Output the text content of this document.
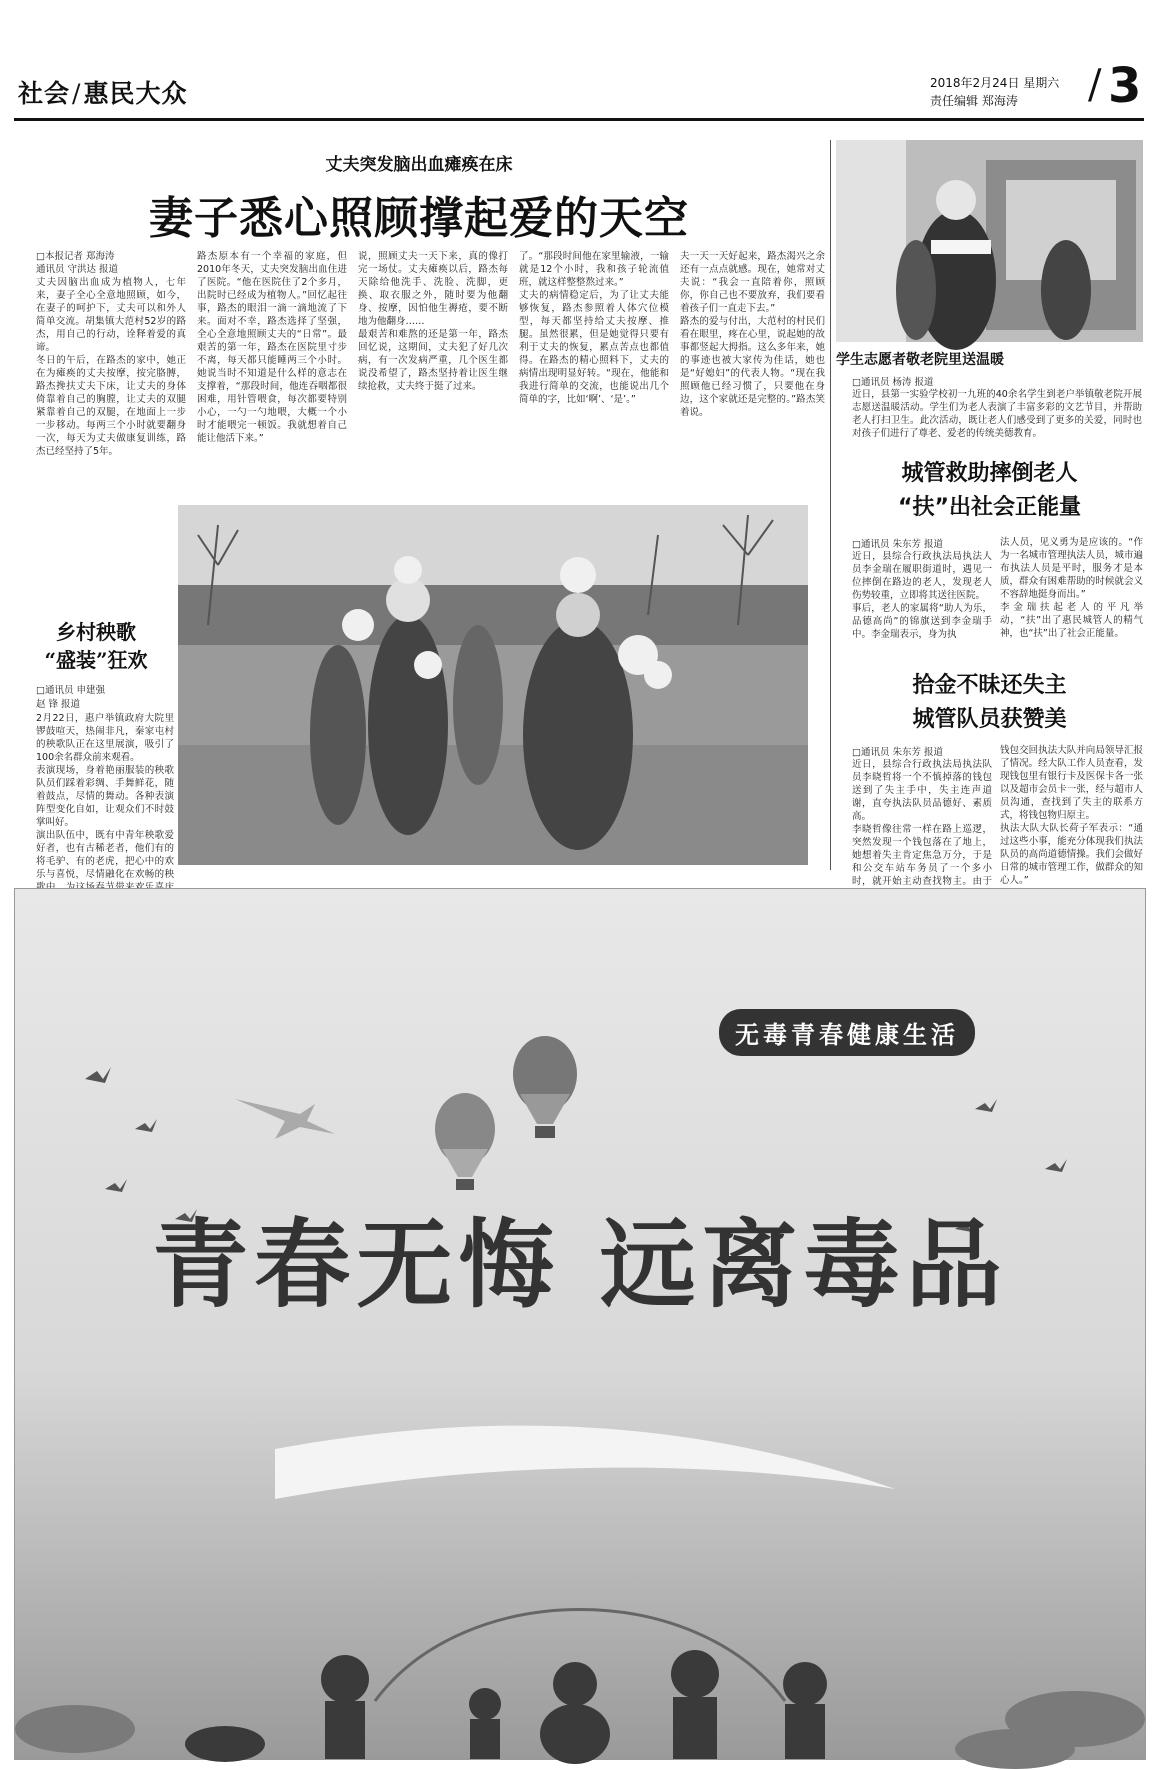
社会/惠民大众	2018年2月24日 星期六
责任编辑 郑海涛 / 3
丈夫突发脑出血瘫痪在床
妻子悉心照顾撑起爱的天空
□本报记者 郑海涛
通讯员 守洪达 报道
丈夫因脑出血成为植物人，七年来，妻子全心全意地照顾，如今，在妻子的呵护下，丈夫可以和外人简单交流。胡集镇大范村52岁的路杰，用自己的行动，诠释着爱的真谛。
冬日的午后，在路杰的家中，她正在为瘫痪的丈夫按摩，按完胳膊，路杰搀扶丈夫下床，让丈夫的身体倚靠着自己的胸膛，让丈夫的双腿紧靠着自己的双腿，在地面上一步一步移动。每两三个小时就要翻身一次，每天为丈夫做康复训练，路杰已经坚持了5年。
路杰原本有一个幸福的家庭，但2010年冬天，丈夫突发脑出血住进了医院。“他在医院住了2个多月，出院时已经成为植物人。”回忆起往事，路杰的眼泪一滴一滴地流了下来。面对不幸，路杰选择了坚强，全心全意地照顾丈夫的“日常”。最艰苦的第一年，路杰在医院里寸步不离，每天都只能睡两三个小时。她说当时不知道是什么样的意志在支撑着，“那段时间，他连吞咽都很困难，用针管喂食，每次都要特别小心，一勺一勺地喂，大概一个小时才能喂完一顿饭。我就想着自己能让他活下来。”
说，照顾丈夫一天下来，真的像打完一场仗。丈夫瘫痪以后，路杰每天除给他洗手、洗脸、洗脚，更换、取衣服之外，随时要为他翻身、按摩，因怕他生褥疮，要不断地为他翻身……
最艰苦和难熬的还是第一年，路杰回忆说，这期间，丈夫犯了好几次病，有一次发病严重，几个医生都说没希望了，路杰坚持着让医生继续抢救，丈夫终于挺了过来。
了。“那段时间他在家里输液，一输就是12个小时，我和孩子轮流值班，就这样整整熬过来。”
丈夫的病情稳定后，为了让丈夫能够恢复，路杰参照着人体穴位模型，每天都坚持给丈夫按摩、推腿。虽然很累，但是她觉得只要有利于丈夫的恢复，累点苦点也都值得。在路杰的精心照料下，丈夫的病情出现明显好转。“现在，他能和我进行简单的交流，也能说出几个简单的字，比如‘啊’、‘是’。”
夫一天一天好起来，路杰渴兴之余还有一点点就感。现在，她常对丈夫说：“我会一直陪着你，照顾你，你自己也不要放弃，我们要看着孩子们一直走下去。”
路杰的爱与付出，大范村的村民们看在眼里，疼在心里，说起她的故事都竖起大拇指。这么多年来，她的事迹也被大家传为佳话，她也是“好媳妇”的代表人物。“现在我照顾他已经习惯了，只要他在身边，这个家就还是完整的。”路杰笑着说。
乡村秧歌
“盛装”狂欢
□通讯员 申建强
赵 锋 报道
2月22日，惠户举镇政府大院里锣鼓喧天，热闹非凡，秦家屯村的秧歌队正在这里展演，吸引了100余名群众前来观看。
表演现场，身着艳丽服装的秧歌队员们踩着彩绸、手舞鲜花，随着鼓点，尽情的舞动。各种表演阵型变化自如，让观众们不时鼓掌叫好。
演出队伍中，既有中青年秧歌爱好者，也有古稀老者，他们有的将毛驴、有的老虎，把心中的欢乐与喜悦，尽情融化在欢畅的秧
学生志愿者敬老院里送温暖
□通讯员 杨涛 报道
近日，县第一实验学校初一九班的40余名学生到老户举镇敬老院开展志愿送温暖活动。学生们为老人表演了丰富多彩的文艺节目，并帮助老人打扫卫生。此次活动，既让老人们感受到了更多的关爱，同时也对孩子们进行了尊老、爱老的传统美德教育。
城管救助摔倒老人
“扶”出社会正能量
□通讯员 朱东芳 报道
近日，县综合行政执法局执法人员李金瑞在履职街道时，遇见一位摔倒在路边的老人，发现老人伤势较重，立即将其送往医院。
事后，老人的家属将“助人为乐，品德高尚”的锦旗送到李金瑞手中。李金瑞表示，身为执
法人员，见义勇为是应该的。“作为一名城市管理执法人员，城市遍布执法人员是平时，服务才是本质，群众有困难帮助的时候就会义不容辞地挺身而出。”
李金瑞扶起老人的平凡举动，“扶”出了惠民城管人的精气神，也“扶”出了社会正能量。
拾金不昧还失主
城管队员获赞美
□通讯员 朱东芳 报道
近日，县综合行政执法局执法队员李晓哲将一个不慎掉落的钱包送到了失主手中，失主连声道谢，直夸执法队员品德好、素质高。
李晓哲像往常一样在路上巡逻，突然发现一个钱包落在了地上，她想着失主肯定焦急万分，于是和公交车站车务员了一个多小时，就开始主动查找物主。由于
钱包交回执法大队并向局领导汇报了情况。经大队工作人员查看，发现钱包里有银行卡及医保卡各一张以及超市会员卡一张，经与超市人员沟通，查找到了失主的联系方式，将钱包物归原主。
执法大队大队长荷子军表示：“通过这些小事，能充分体现我们执法队员的高尚道德情操。我们会做好日常的城市管理工作，做群众的知心人。”
无毒青春健康生活
青春无悔 远离毒品
